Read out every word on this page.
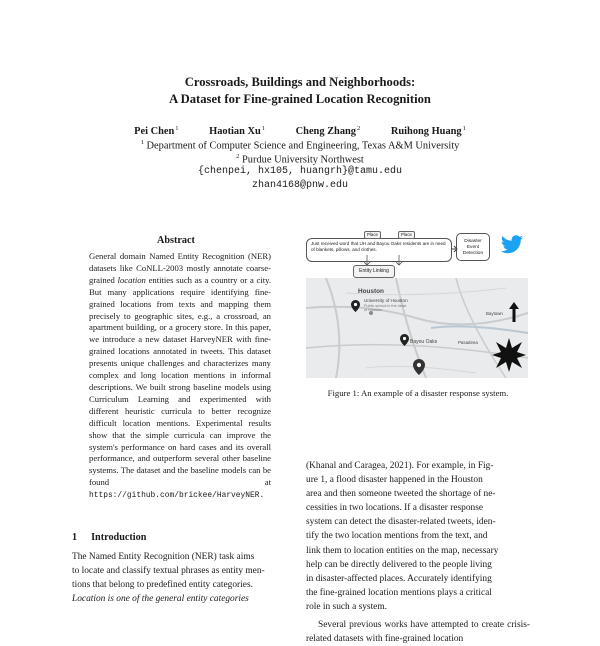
Crossroads, Buildings and Neighborhoods:
A Dataset for Fine-grained Location Recognition
Pei Chen$^1$	Haotian Xu$^1$	Cheng Zhang$^2$	Ruihong Huang$^1$
$^1$ Department of Computer Science and Engineering, Texas A&M University
$^2$ Purdue University Northwest
{chenpei, hx105, huangrh}@tamu.edu
zhan4168@pnw.edu
Abstract

General domain Named Entity Recognition (NER) datasets like CoNLL-2003 mostly annotate coarse-grained location entities such as a country or a city. But many applications require identifying fine-grained locations from texts and mapping them precisely to geographic sites, e.g., a crossroad, an apartment building, or a grocery store. In this paper, we introduce a new dataset HarveyNER with fine-grained locations annotated in tweets. This dataset presents unique challenges and characterizes many complex and long location mentions in informal descriptions. We built strong baseline models using Curriculum Learning and experimented with different heuristic curricula to better recognize difficult location mentions. Experimental results show that the simple curricula can improve the system's performance on hard cases and its overall performance, and outperform several other baseline systems. The dataset and the baseline models can be found at https://github.com/brickee/HarveyNER.

1 Introduction

The Named Entity Recognition (NER) task aims

to locate and classify textual phrases as entity men-

tions that belong to predefined entity categories.

Location is one of the general entity categories

Just received word that UH and Bayou Oaks residents are in need of blankets, pillows, and clothes.
Place	Place
Disaster
Event
Detection
Entity Linking
Houston
University of Houston
Public school in the heart of Houston
Baytown
Pasadena
Bayou Oaks
Figure 1: An example of a disaster response system.

(Khanal and Caragea, 2021). For example, in Fig-

ure 1, a flood disaster happened in the Houston

area and then someone tweeted the shortage of ne-

cessities in two locations. If a disaster response

system can detect the disaster-related tweets, iden-

tify the two location mentions from the text, and

link them to location entities on the map, necessary

help can be directly delivered to the people living

in disaster-affected places. Accurately identifying

the fine-grained location mentions plays a critical

role in such a system.

Several previous works have attempted to create crisis-related datasets with fine-grained location
